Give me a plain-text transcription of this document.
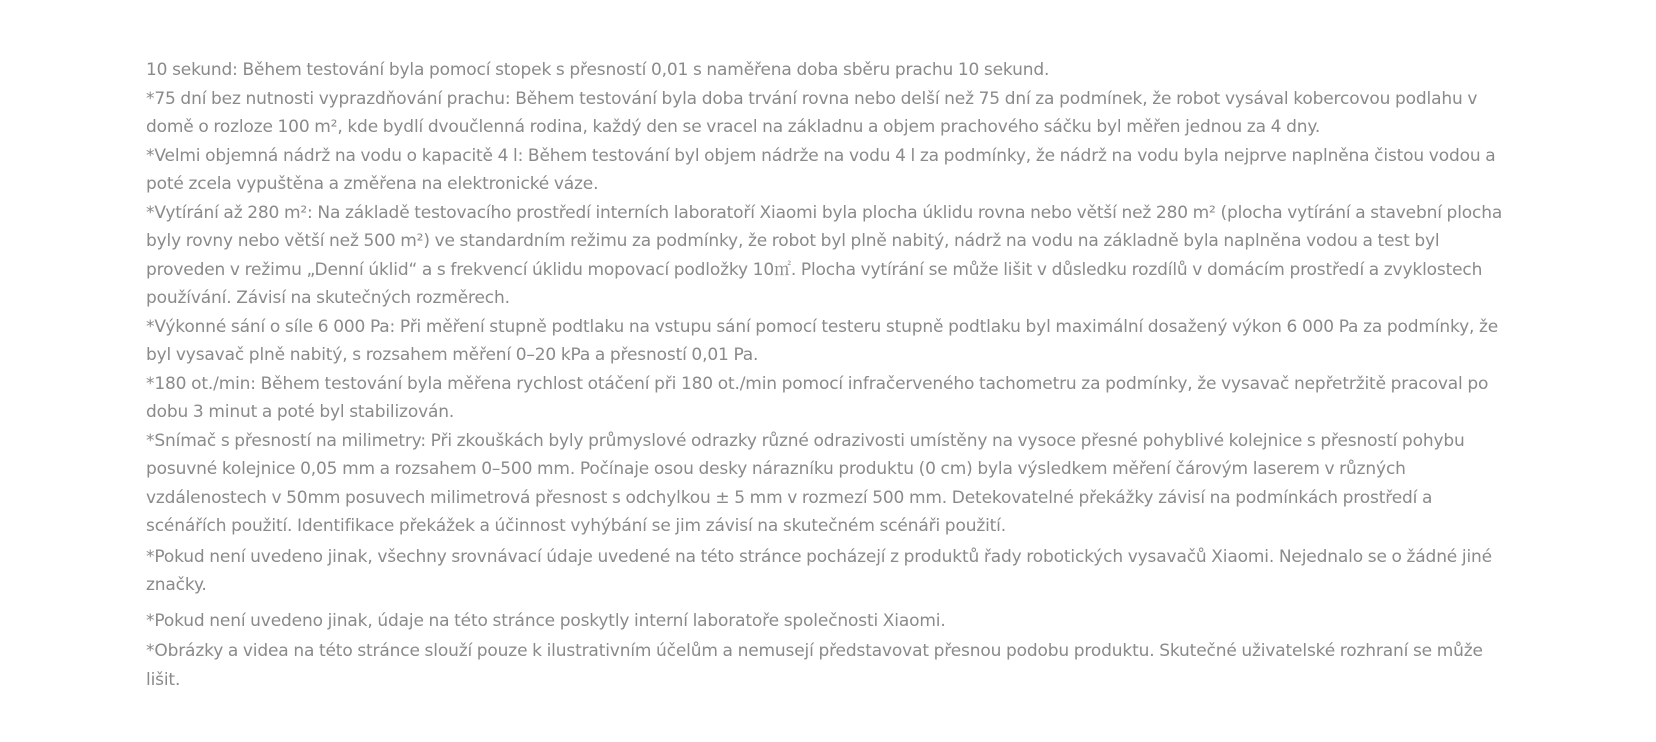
10 sekund: Během testování byla pomocí stopek s přesností 0,01 s naměřena doba sběru prachu 10 sekund.

*75 dní bez nutnosti vyprazdňování prachu: Během testování byla doba trvání rovna nebo delší než 75 dní za podmínek, že robot vysával kobercovou podlahu v domě o rozloze 100 m², kde bydlí dvoučlenná rodina, každý den se vracel na základnu a objem prachového sáčku byl měřen jednou za 4 dny.

*Velmi objemná nádrž na vodu o kapacitě 4 l: Během testování byl objem nádrže na vodu 4 l za podmínky, že nádrž na vodu byla nejprve naplněna čistou vodou a poté zcela vypuštěna a změřena na elektronické váze.

*Vytírání až 280 m²: Na základě testovacího prostředí interních laboratoří Xiaomi byla plocha úklidu rovna nebo větší než 280 m² (plocha vytírání a stavební plocha byly rovny nebo větší než 500 m²) ve standardním režimu za podmínky, že robot byl plně nabitý, nádrž na vodu na základně byla naplněna vodou a test byl proveden v režimu „Denní úklid“ a s frekvencí úklidu mopovací podložky 10㎡. Plocha vytírání se může lišit v důsledku rozdílů v domácím prostředí a zvyklostech používání. Závisí na skutečných rozměrech.

*Výkonné sání o síle 6 000 Pa: Při měření stupně podtlaku na vstupu sání pomocí testeru stupně podtlaku byl maximální dosažený výkon 6 000 Pa za podmínky, že byl vysavač plně nabitý, s rozsahem měření 0–20 kPa a přesností 0,01 Pa.

*180 ot./min: Během testování byla měřena rychlost otáčení při 180 ot./min pomocí infračerveného tachometru za podmínky, že vysavač nepřetržitě pracoval po dobu 3 minut a poté byl stabilizován.

*Snímač s přesností na milimetry: Při zkouškách byly průmyslové odrazky různé odrazivosti umístěny na vysoce přesné pohyblivé kolejnice s přesností pohybu posuvné kolejnice 0,05 mm a rozsahem 0–500 mm. Počínaje osou desky nárazníku produktu (0 cm) byla výsledkem měření čárovým laserem v různých vzdálenostech v 50mm posuvech milimetrová přesnost s odchylkou ± 5 mm v rozmezí 500 mm. Detekovatelné překážky závisí na podmínkách prostředí a scénářích použití. Identifikace překážek a účinnost vyhýbání se jim závisí na skutečném scénáři použití.

*Pokud není uvedeno jinak, všechny srovnávací údaje uvedené na této stránce pocházejí z produktů řady robotických vysavačů Xiaomi. Nejednalo se o žádné jiné značky.

*Pokud není uvedeno jinak, údaje na této stránce poskytly interní laboratoře společnosti Xiaomi.

*Obrázky a videa na této stránce slouží pouze k ilustrativním účelům a nemusejí představovat přesnou podobu produktu. Skutečné uživatelské rozhraní se může lišit.
